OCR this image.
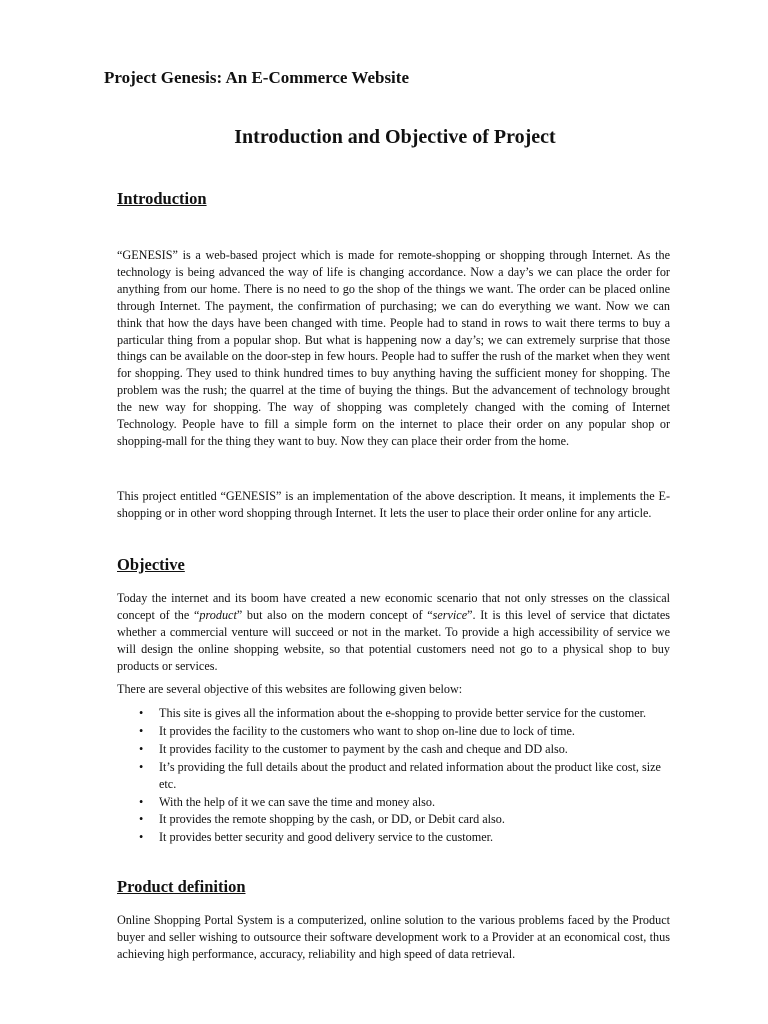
Project Genesis: An E-Commerce Website
Introduction and Objective of Project
Introduction

“GENESIS” is a web-based project which is made for remote-shopping or shopping through Internet. As the technology is being advanced the way of life is changing accordance. Now a day’s we can place the order for anything from our home. There is no need to go the shop of the things we want. The order can be placed online through Internet. The payment, the confirmation of purchasing; we can do everything we want. Now we can think that how the days have been changed with time. People had to stand in rows to wait there terms to buy a particular thing from a popular shop. But what is happening now a day’s; we can extremely surprise that those things can be available on the door-step in few hours. People had to suffer the rush of the market when they went for shopping. They used to think hundred times to buy anything having the sufficient money for shopping. The problem was the rush; the quarrel at the time of buying the things. But the advancement of technology brought the new way for shopping. The way of shopping was completely changed with the coming of Internet Technology. People have to fill a simple form on the internet to place their order on any popular shop or shopping-mall for the thing they want to buy. Now they can place their order from the home.

This project entitled “GENESIS” is an implementation of the above description. It means, it implements the E-shopping or in other word shopping through Internet. It lets the user to place their order online for any article.

Objective

Today the internet and its boom have created a new economic scenario that not only stresses on the classical concept of the “product” but also on the modern concept of “service”. It is this level of service that dictates whether a commercial venture will succeed or not in the market. To provide a high accessibility of service we will design the online shopping website, so that potential customers need not go to a physical shop to buy products or services.

There are several objective of this websites are following given below:

• This site is gives all the information about the e-shopping to provide better service for the customer.
• It provides the facility to the customers who want to shop on-line due to lock of time.
• It provides facility to the customer to payment by the cash and cheque and DD also.
• It’s providing the full details about the product and related information about the product like cost, size etc.
• With the help of it we can save the time and money also.
• It provides the remote shopping by the cash, or DD, or Debit card also.
• It provides better security and good delivery service to the customer.
Product definition

Online Shopping Portal System is a computerized, online solution to the various problems faced by the Product buyer and seller wishing to outsource their software development work to a Provider at an economical cost, thus achieving high performance, accuracy, reliability and high speed of data retrieval.
